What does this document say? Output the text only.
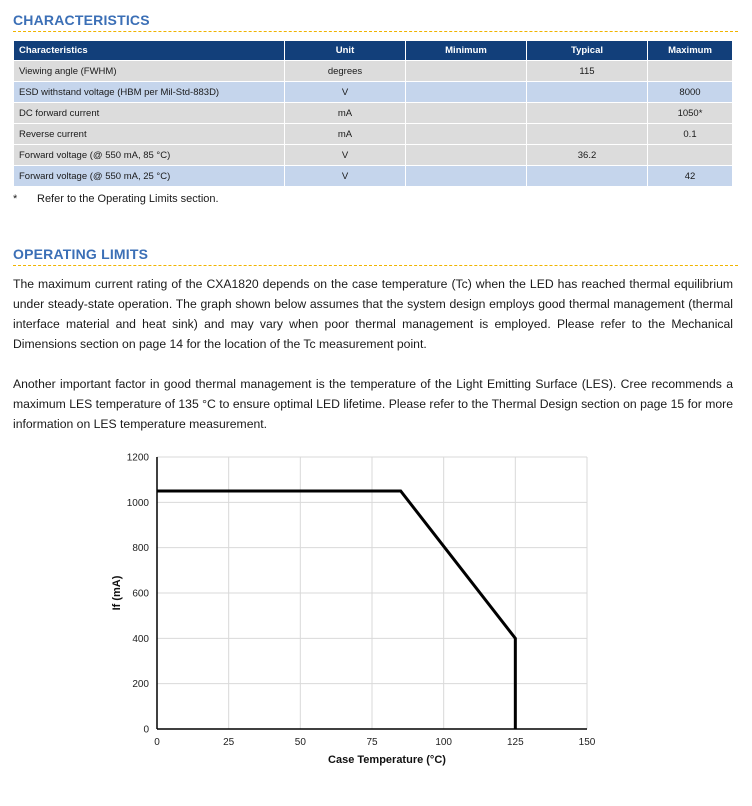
CHARACTERISTICS
Characteristics	Unit	Minimum	Typical	Maximum
Viewing angle (FWHM)	degrees		115	
ESD withstand voltage (HBM per Mil-Std-883D)	V			8000
DC forward current	mA			1050*
Reverse current	mA			0.1
Forward voltage (@ 550 mA, 85 °C)	V		36.2	
Forward voltage (@ 550 mA, 25 °C)	V			42
* Refer to the Operating Limits section.
OPERATING LIMITS

The maximum current rating of the CXA1820 depends on the case temperature (Tc) when the LED has reached thermal equilibrium under steady-state operation. The graph shown below assumes that the system design employs good thermal management (thermal interface material and heat sink) and may vary when poor thermal management is employed. Please refer to the Mechanical Dimensions section on page 14 for the location of the Tc measurement point.

Another important factor in good thermal management is the temperature of the Light Emitting Surface (LES). Cree recommends a maximum LES temperature of 135 °C to ensure optimal LED lifetime. Please refer to the Thermal Design section on page 15 for more information on LES temperature measurement.

0	25	50	75	100	125	150
0
200
400
600
800
1000
1200
Case Temperature (°C)
If (mA)
